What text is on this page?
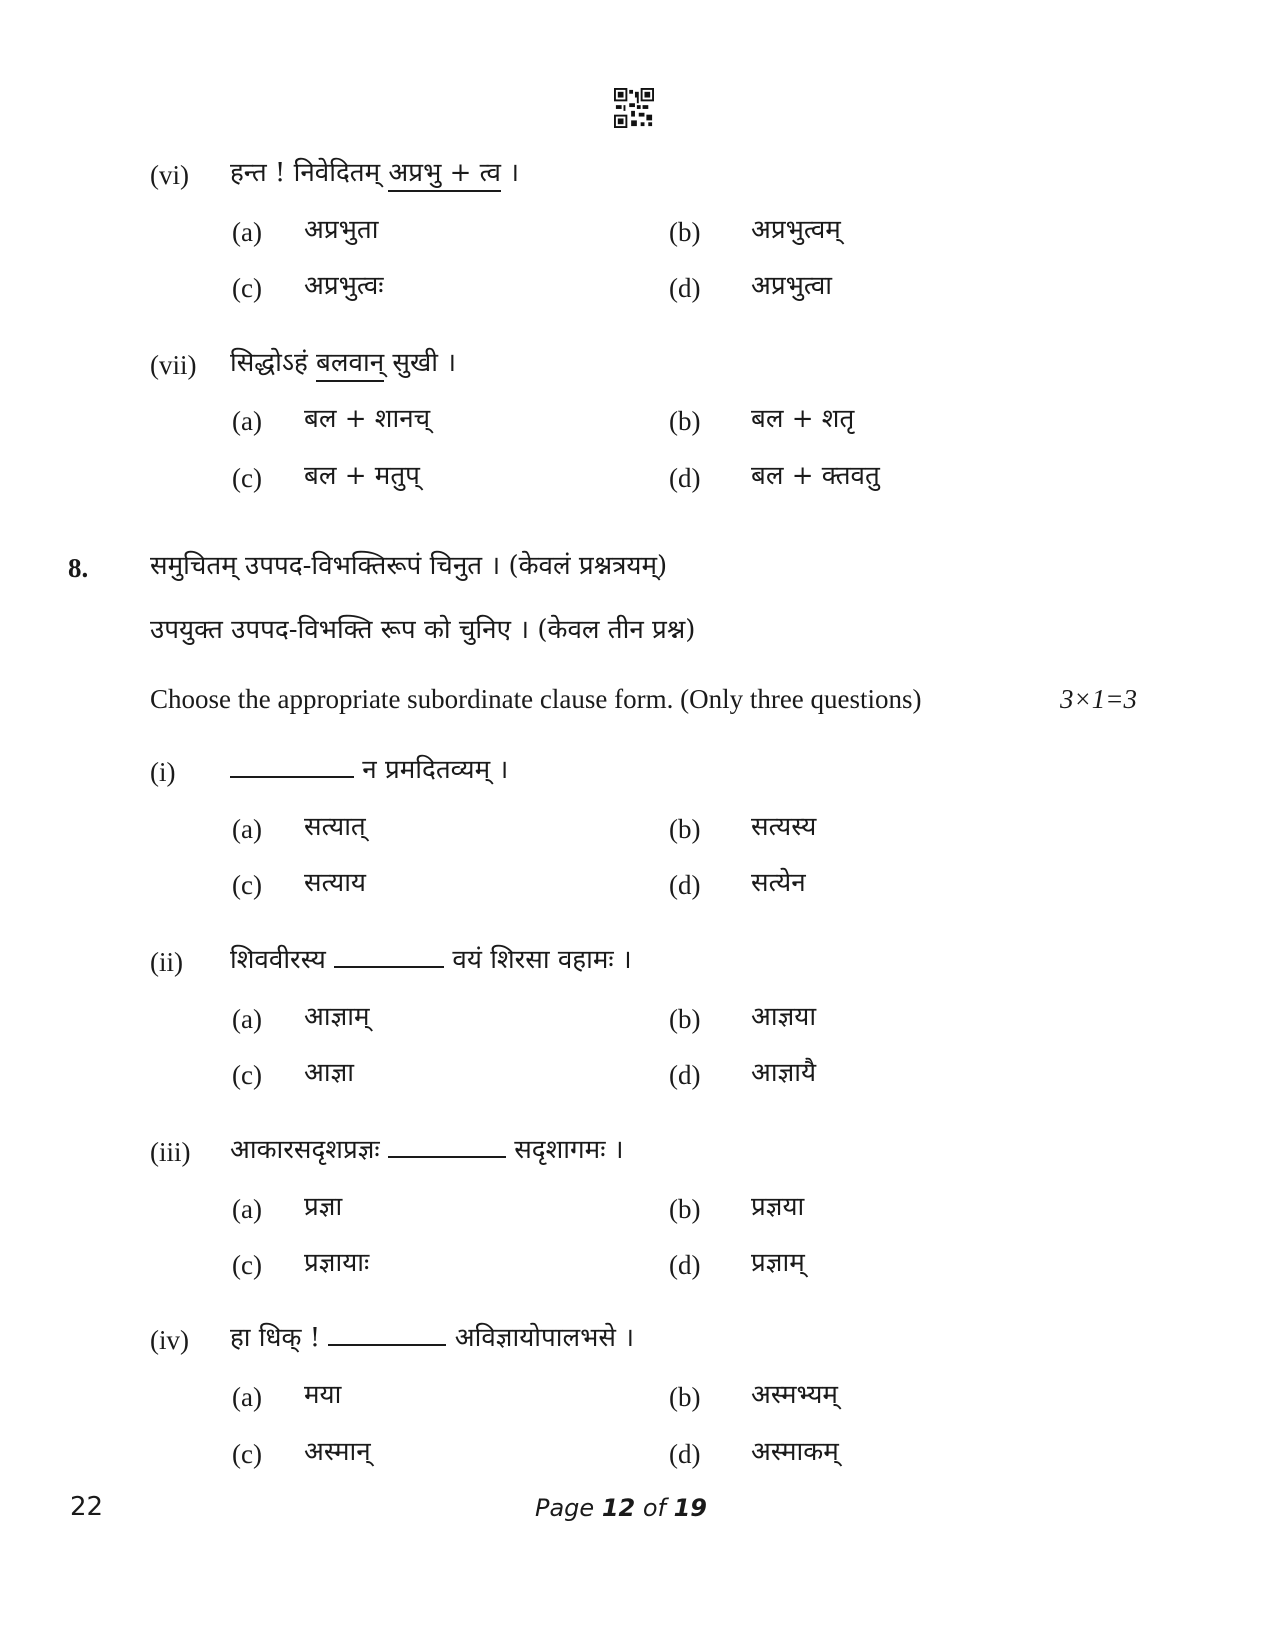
(vi) हन्त ! निवेदितम् अप्रभु + त्व ।
(a) अप्रभुता	(b) अप्रभुत्वम्
(c) अप्रभुत्वः	(d) अप्रभुत्वा
(vii) सिद्धोऽहं बलवान् सुखी ।
(a) बल + शानच्	(b) बल + शतृ
(c) बल + मतुप्	(d) बल + क्तवतु
8. समुचितम् उपपद-विभक्तिरूपं चिनुत । (केवलं प्रश्नत्रयम्)
उपयुक्त उपपद-विभक्ति रूप को चुनिए । (केवल तीन प्रश्न)
Choose the appropriate subordinate clause form. (Only three questions)	3×1=3
(i)	न प्रमदितव्यम् ।
(a) सत्यात्	(b) सत्यस्य
(c) सत्याय	(d) सत्येन
(ii) शिववीरस्य	वयं शिरसा वहामः ।
(a) आज्ञाम्	(b) आज्ञया
(c) आज्ञा	(d) आज्ञायै
(iii) आकारसदृशप्रज्ञः	सदृशागमः ।
(a) प्रज्ञा	(b) प्रज्ञया
(c) प्रज्ञायाः	(d) प्रज्ञाम्
(iv) हा धिक् !	अविज्ञायोपालभसे ।
(a) मया	(b) अस्मभ्यम्
(c) अस्मान्	(d) अस्माकम्
22	Page 12 of 19
